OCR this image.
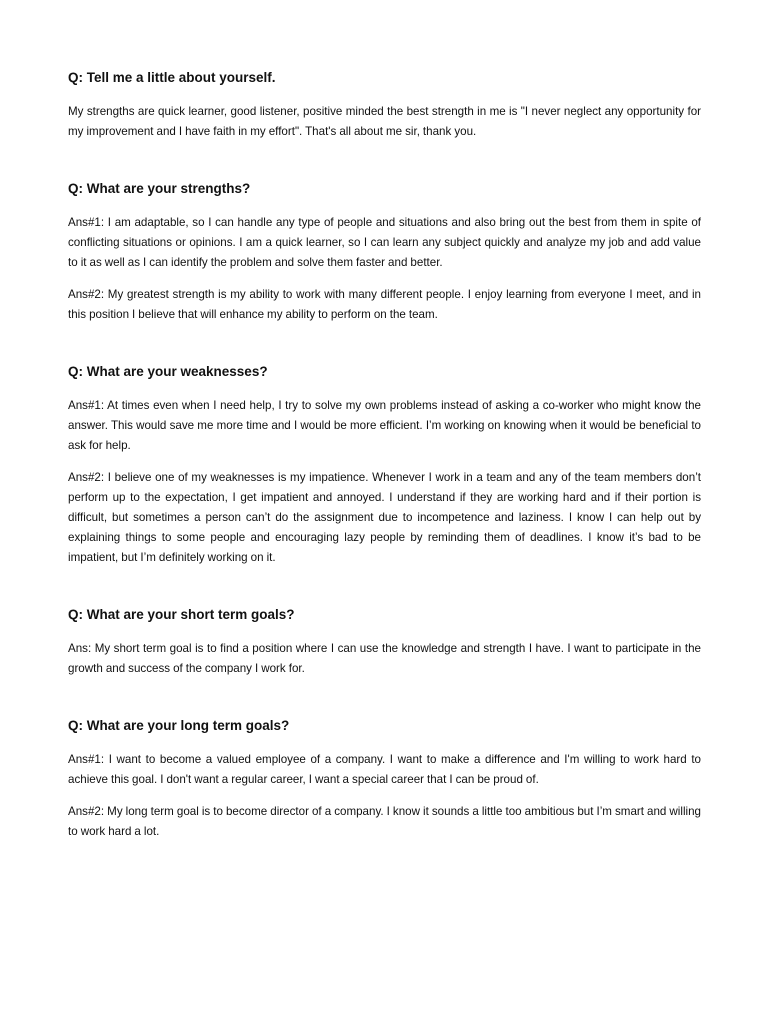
Q: Tell me a little about yourself.

My strengths are quick learner, good listener, positive minded the best strength in me is "I never neglect any opportunity for my improvement and I have faith in my effort". That's all about me sir, thank you.

Q: What are your strengths?

Ans#1: I am adaptable, so I can handle any type of people and situations and also bring out the best from them in spite of conflicting situations or opinions. I am a quick learner, so I can learn any subject quickly and analyze my job and add value to it as well as I can identify the problem and solve them faster and better.

Ans#2: My greatest strength is my ability to work with many different people. I enjoy learning from everyone I meet, and in this position I believe that will enhance my ability to perform on the team.

Q: What are your weaknesses?

Ans#1: At times even when I need help, I try to solve my own problems instead of asking a co-worker who might know the answer. This would save me more time and I would be more efficient. I’m working on knowing when it would be beneficial to ask for help.

Ans#2: I believe one of my weaknesses is my impatience. Whenever I work in a team and any of the team members don’t perform up to the expectation, I get impatient and annoyed. I understand if they are working hard and if their portion is difficult, but sometimes a person can’t do the assignment due to incompetence and laziness. I know I can help out by explaining things to some people and encouraging lazy people by reminding them of deadlines. I know it’s bad to be impatient, but I’m definitely working on it.

Q: What are your short term goals?

Ans: My short term goal is to find a position where I can use the knowledge and strength I have. I want to participate in the growth and success of the company I work for.

Q: What are your long term goals?

Ans#1: I want to become a valued employee of a company. I want to make a difference and I'm willing to work hard to achieve this goal. I don't want a regular career, I want a special career that I can be proud of.

Ans#2: My long term goal is to become director of a company. I know it sounds a little too ambitious but I’m smart and willing to work hard a lot.
